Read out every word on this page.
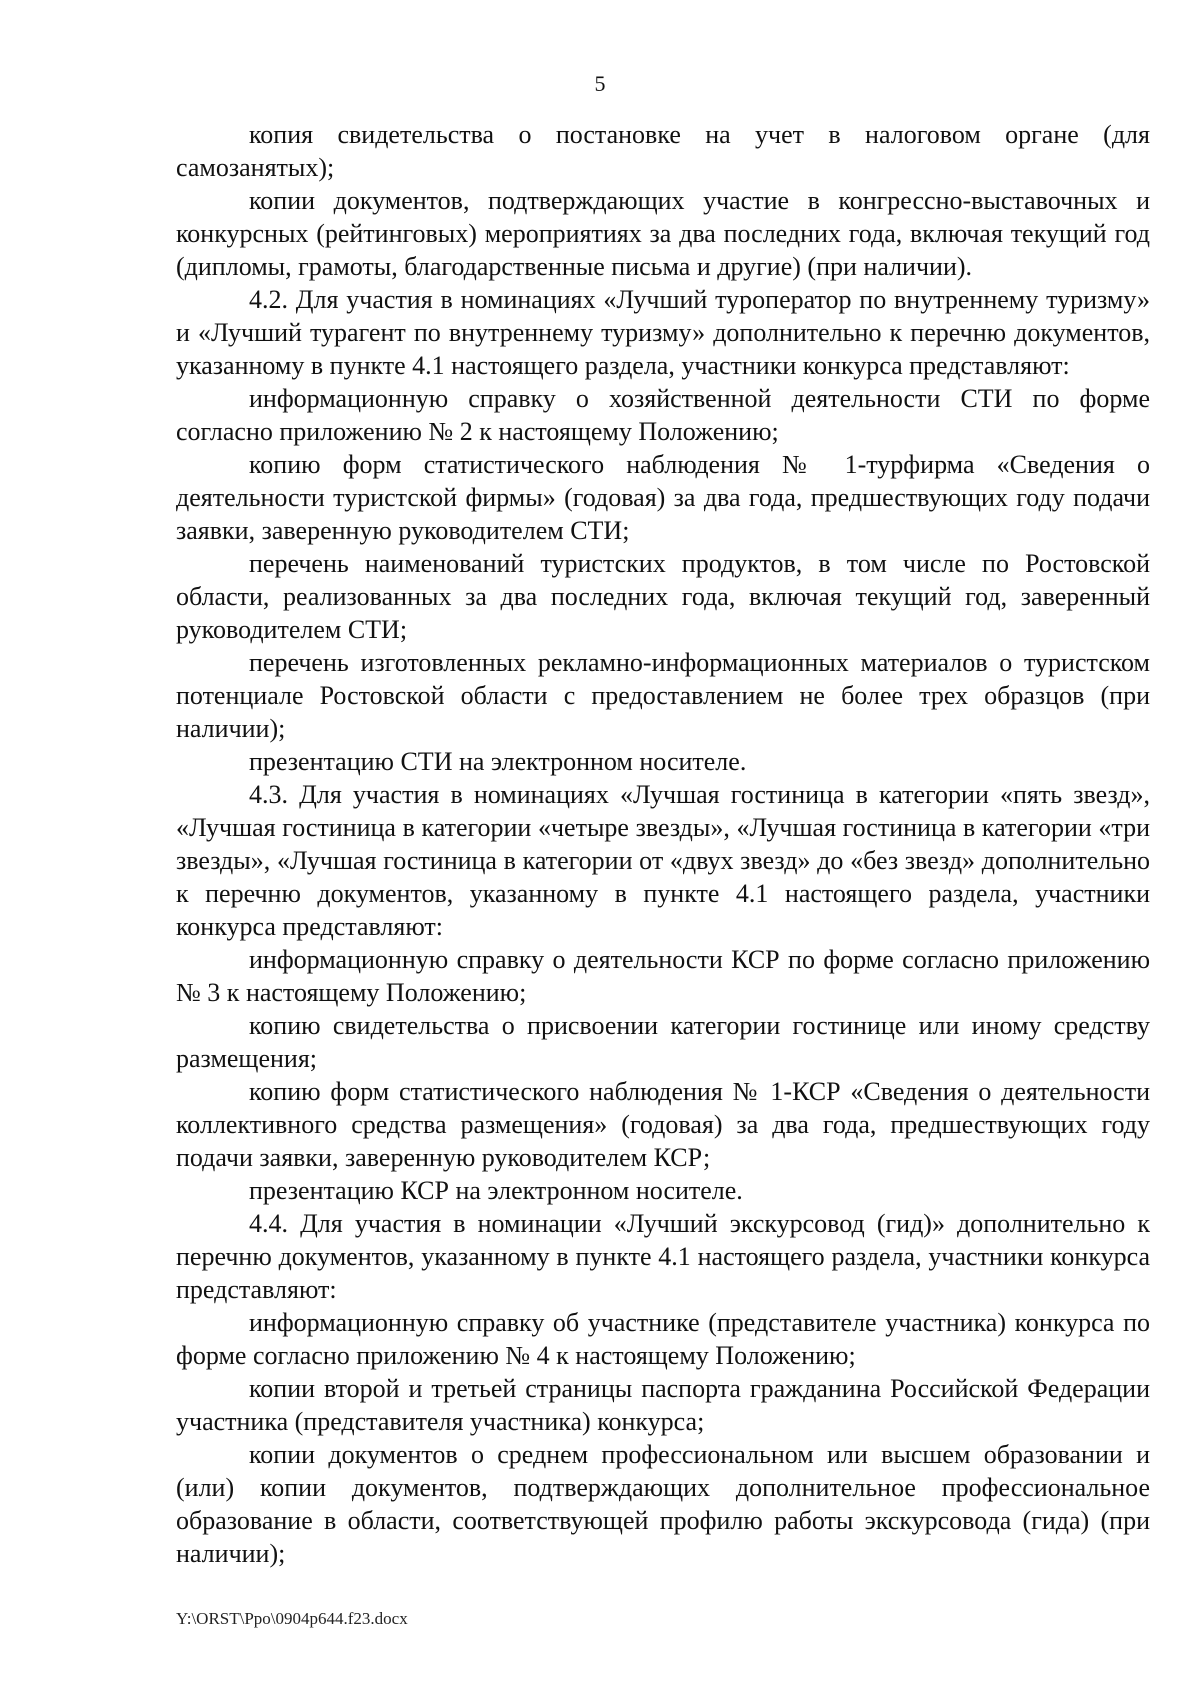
5

копия свидетельства о постановке на учет в налоговом органе (для самозанятых);

копии документов, подтверждающих участие в конгрессно-выставочных и конкурсных (рейтинговых) мероприятиях за два последних года, включая текущий год (дипломы, грамоты, благодарственные письма и другие) (при наличии).

4.2. Для участия в номинациях «Лучший туроператор по внутреннему туризму» и «Лучший турагент по внутреннему туризму» дополнительно к перечню документов, указанному в пункте 4.1 настоящего раздела, участники конкурса представляют:

информационную справку о хозяйственной деятельности СТИ по форме согласно приложению № 2 к настоящему Положению;

копию форм статистического наблюдения № 1-турфирма «Сведения о деятельности туристской фирмы» (годовая) за два года, предшествующих году подачи заявки, заверенную руководителем СТИ;

перечень наименований туристских продуктов, в том числе по Ростовской области, реализованных за два последних года, включая текущий год, заверенный руководителем СТИ;

перечень изготовленных рекламно-информационных материалов о туристском потенциале Ростовской области с предоставлением не более трех образцов (при наличии);

презентацию СТИ на электронном носителе.

4.3. Для участия в номинациях «Лучшая гостиница в категории «пять звезд», «Лучшая гостиница в категории «четыре звезды», «Лучшая гостиница в категории «три звезды», «Лучшая гостиница в категории от «двух звезд» до «без звезд» дополнительно к перечню документов, указанному в пункте 4.1 настоящего раздела, участники конкурса представляют:

информационную справку о деятельности КСР по форме согласно приложению № 3 к настоящему Положению;

копию свидетельства о присвоении категории гостинице или иному средству размещения;

копию форм статистического наблюдения № 1-КСР «Сведения о деятельности коллективного средства размещения» (годовая) за два года, предшествующих году подачи заявки, заверенную руководителем КСР;

презентацию КСР на электронном носителе.

4.4. Для участия в номинации «Лучший экскурсовод (гид)» дополнительно к перечню документов, указанному в пункте 4.1 настоящего раздела, участники конкурса представляют:

информационную справку об участнике (представителе участника) конкурса по форме согласно приложению № 4 к настоящему Положению;

копии второй и третьей страницы паспорта гражданина Российской Федерации участника (представителя участника) конкурса;

копии документов о среднем профессиональном или высшем образовании и (или) копии документов, подтверждающих дополнительное профессиональное образование в области, соответствующей профилю работы экскурсовода (гида) (при наличии);

Y:\ORST\Ppo\0904p644.f23.docx
